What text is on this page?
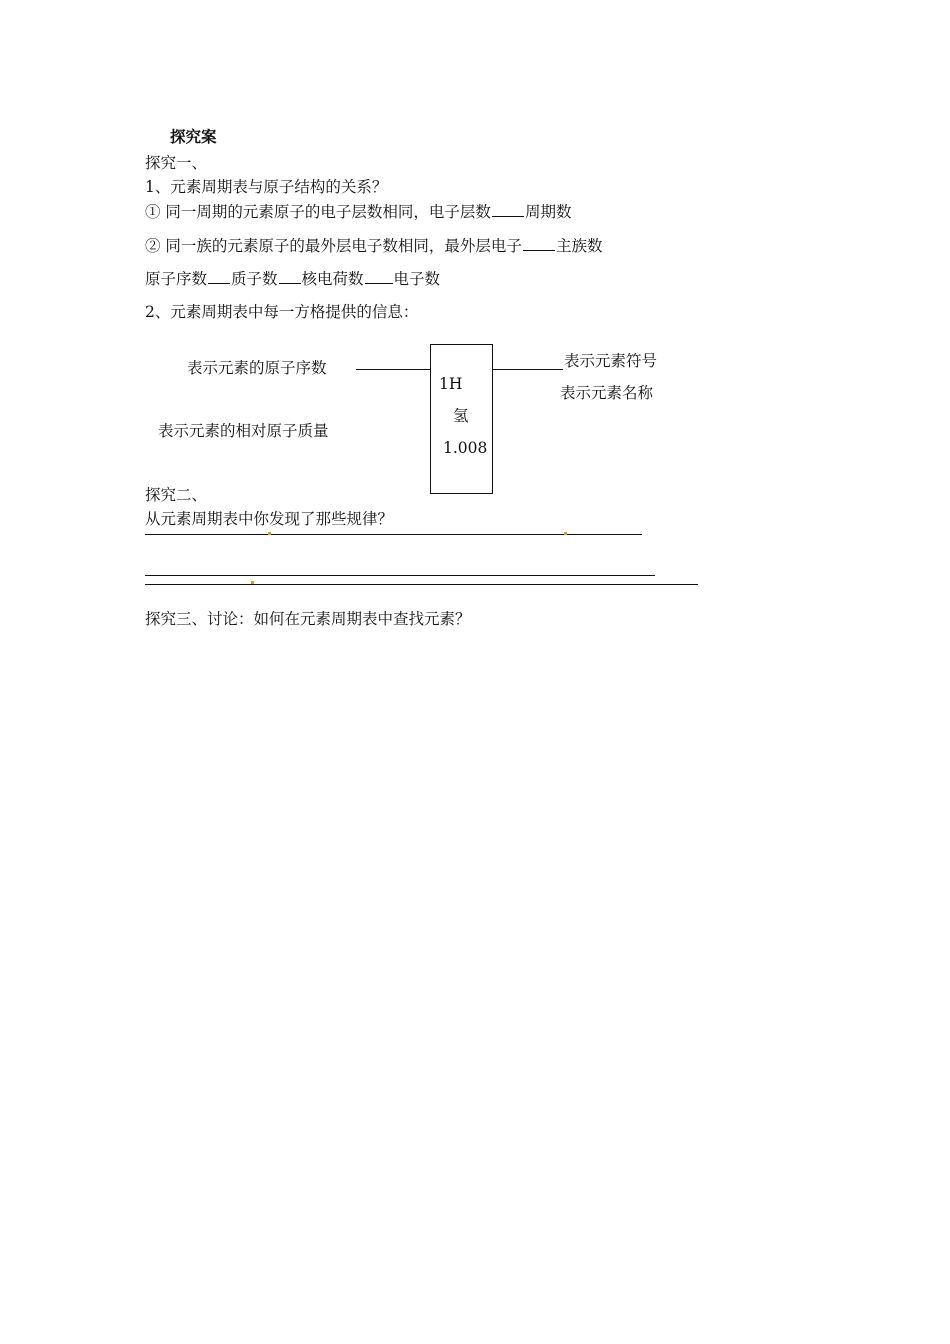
探究案

探究一、

1、元素周期表与原子结构的关系？

① 同一周期的元素原子的电子层数相同，电子层数 周期数

② 同一族的元素原子的最外层电子数相同，最外层电子 主族数

原子序数 质子数 核电荷数 电子数

2、元素周期表中每一方格提供的信息：

表示元素的原子序数

表示元素的相对原子质量

1H

氢

1.008

表示元素符号

表示元素名称

探究二、

从元素周期表中你发现了那些规律？

探究三、讨论：如何在元素周期表中查找元素？
